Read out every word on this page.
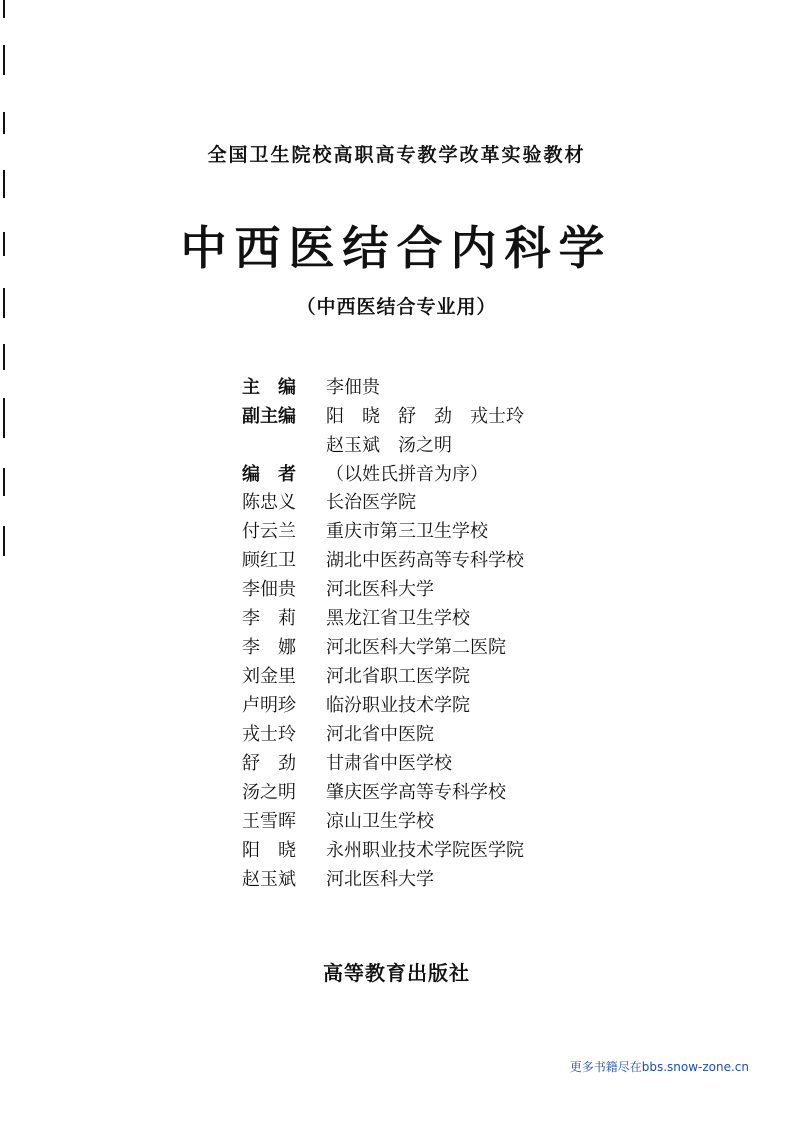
全国卫生院校高职高专教学改革实验教材
中西医结合内科学
（中西医结合专业用）
主　编	李佃贵
副主编	阳　晓　舒　劲　戎士玲
赵玉斌　汤之明
编　者	（以姓氏拼音为序）
陈忠义	长治医学院
付云兰	重庆市第三卫生学校
顾红卫	湖北中医药高等专科学校
李佃贵	河北医科大学
李　莉	黑龙江省卫生学校
李　娜	河北医科大学第二医院
刘金里	河北省职工医学院
卢明珍	临汾职业技术学院
戎士玲	河北省中医院
舒　劲	甘肃省中医学校
汤之明	肇庆医学高等专科学校
王雪晖	凉山卫生学校
阳　晓	永州职业技术学院医学院
赵玉斌	河北医科大学
高等教育出版社
更多书籍尽在bbs.snow-zone.cn
